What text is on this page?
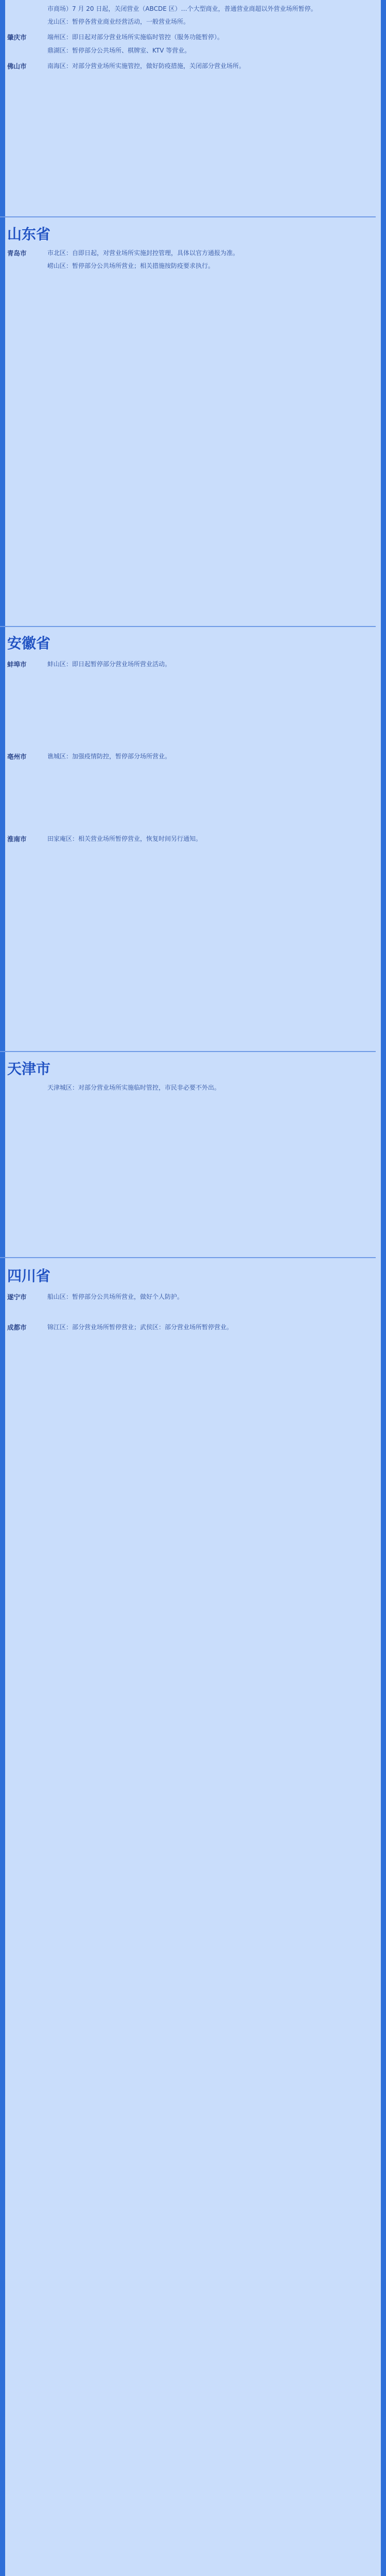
市商场）7 月 20 日起，关闭营业（ABCDE 区）…个大型商业，普通营业商超以外营业场所暂停。
龙山区：暂停各营业商业经营活动，一般营业场所。
肇庆市	端州区：即日起对部分营业场所实施临时管控（服务功能暂停）。
鼎湖区：暂停部分公共场所、棋牌室、KTV 等营业。
佛山市	南海区：对部分营业场所实施管控，做好防疫措施，关闭部分营业场所。
山东省
青岛市	市北区：自即日起，对营业场所实施封控管理，具体以官方通报为准。
崂山区：暂停部分公共场所营业；相关措施按防疫要求执行。
安徽省
蚌埠市	蚌山区：即日起暂停部分营业场所营业活动。
亳州市	谯城区：加强疫情防控，暂停部分场所营业。
淮南市	田家庵区：相关营业场所暂停营业，恢复时间另行通知。
天津市
天津城区：对部分营业场所实施临时管控，市民非必要不外出。
四川省
遂宁市	船山区：暂停部分公共场所营业，做好个人防护。
成都市	锦江区：部分营业场所暂停营业；武侯区：部分营业场所暂停营业。
